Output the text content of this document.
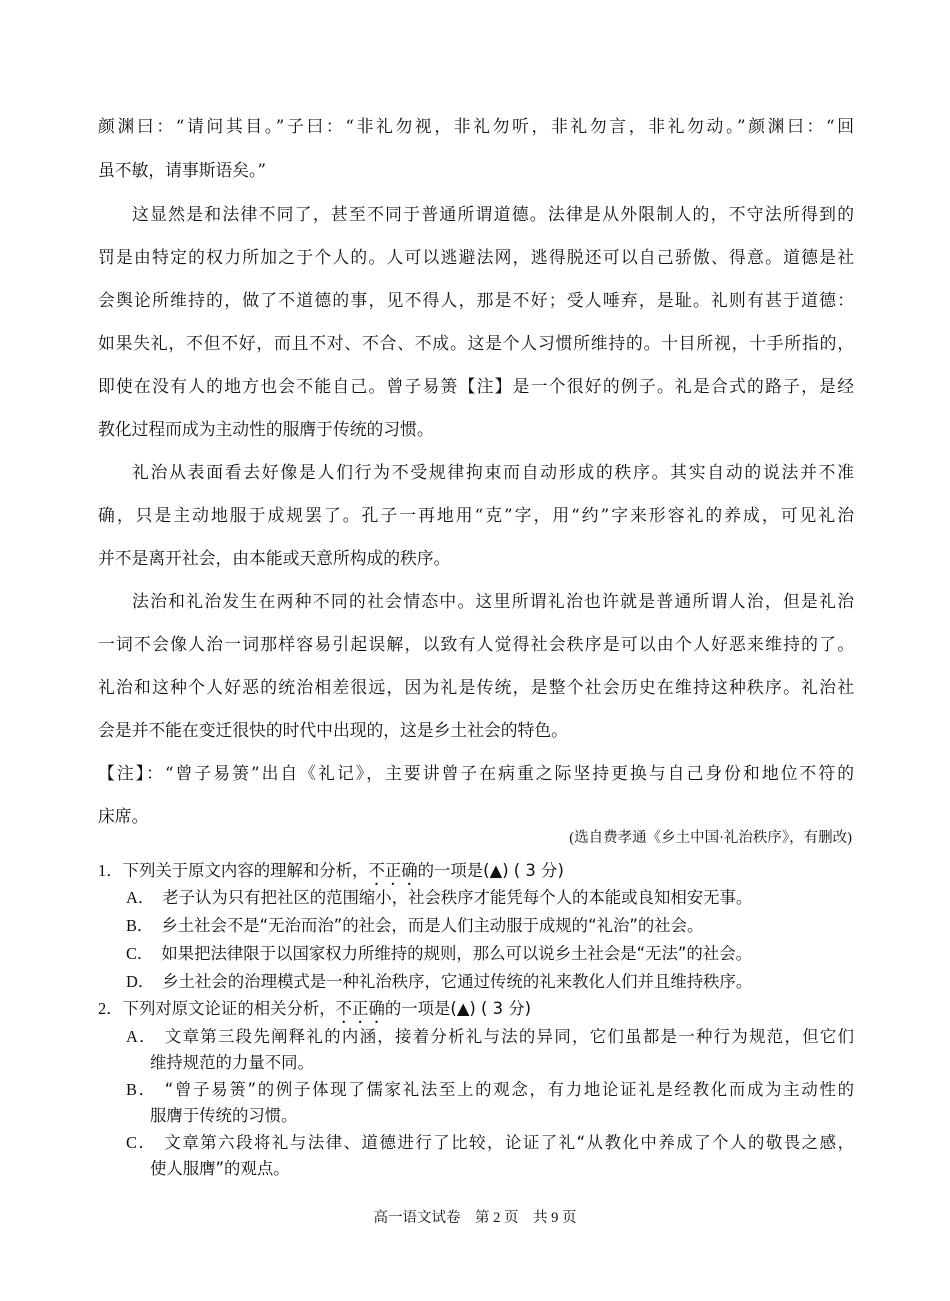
颜渊曰：“请问其目。”子曰：“非礼勿视，非礼勿听，非礼勿言，非礼勿动。”颜渊曰：“回

虽不敏，请事斯语矣。”

这显然是和法律不同了，甚至不同于普通所谓道德。法律是从外限制人的，不守法所得到的

罚是由特定的权力所加之于个人的。人可以逃避法网，逃得脱还可以自己骄傲、得意。道德是社

会舆论所维持的，做了不道德的事，见不得人，那是不好；受人唾弃，是耻。礼则有甚于道德：

如果失礼，不但不好，而且不对、不合、不成。这是个人习惯所维持的。十目所视，十手所指的，

即使在没有人的地方也会不能自己。曾子易箦【注】是一个很好的例子。礼是合式的路子，是经

教化过程而成为主动性的服膺于传统的习惯。

礼治从表面看去好像是人们行为不受规律拘束而自动形成的秩序。其实自动的说法并不准

确，只是主动地服于成规罢了。孔子一再地用“克”字，用“约”字来形容礼的养成，可见礼治

并不是离开社会，由本能或天意所构成的秩序。

法治和礼治发生在两种不同的社会情态中。这里所谓礼治也许就是普通所谓人治，但是礼治

一词不会像人治一词那样容易引起误解，以致有人觉得社会秩序是可以由个人好恶来维持的了。

礼治和这种个人好恶的统治相差很远，因为礼是传统，是整个社会历史在维持这种秩序。礼治社

会是并不能在变迁很快的时代中出现的，这是乡土社会的特色。

【注】：“曾子易箦”出自《礼记》，主要讲曾子在病重之际坚持更换与自己身份和地位不符的

床席。

(选自费孝通《乡土中国·礼治秩序》，有删改)

1．下列关于原文内容的理解和分析，不正确的一项是(▲) ( 3 分)

A． 老子认为只有把社区的范围缩小，社会秩序才能凭每个人的本能或良知相安无事。

B． 乡土社会不是“无治而治”的社会，而是人们主动服于成规的“礼治”的社会。

C． 如果把法律限于以国家权力所维持的规则，那么可以说乡土社会是“无法”的社会。

D． 乡土社会的治理模式是一种礼治秩序，它通过传统的礼来教化人们并且维持秩序。

2．下列对原文论证的相关分析，不正确的一项是(▲) ( 3 分)

A． 文章第三段先阐释礼的内涵，接着分析礼与法的异同，它们虽都是一种行为规范，但它们

维持规范的力量不同。

B． “曾子易箦”的例子体现了儒家礼法至上的观念，有力地论证礼是经教化而成为主动性的

服膺于传统的习惯。

C． 文章第六段将礼与法律、道德进行了比较，论证了礼“从教化中养成了个人的敬畏之感，

使人服膺”的观点。

高一语文试卷　第 2 页　共 9 页
